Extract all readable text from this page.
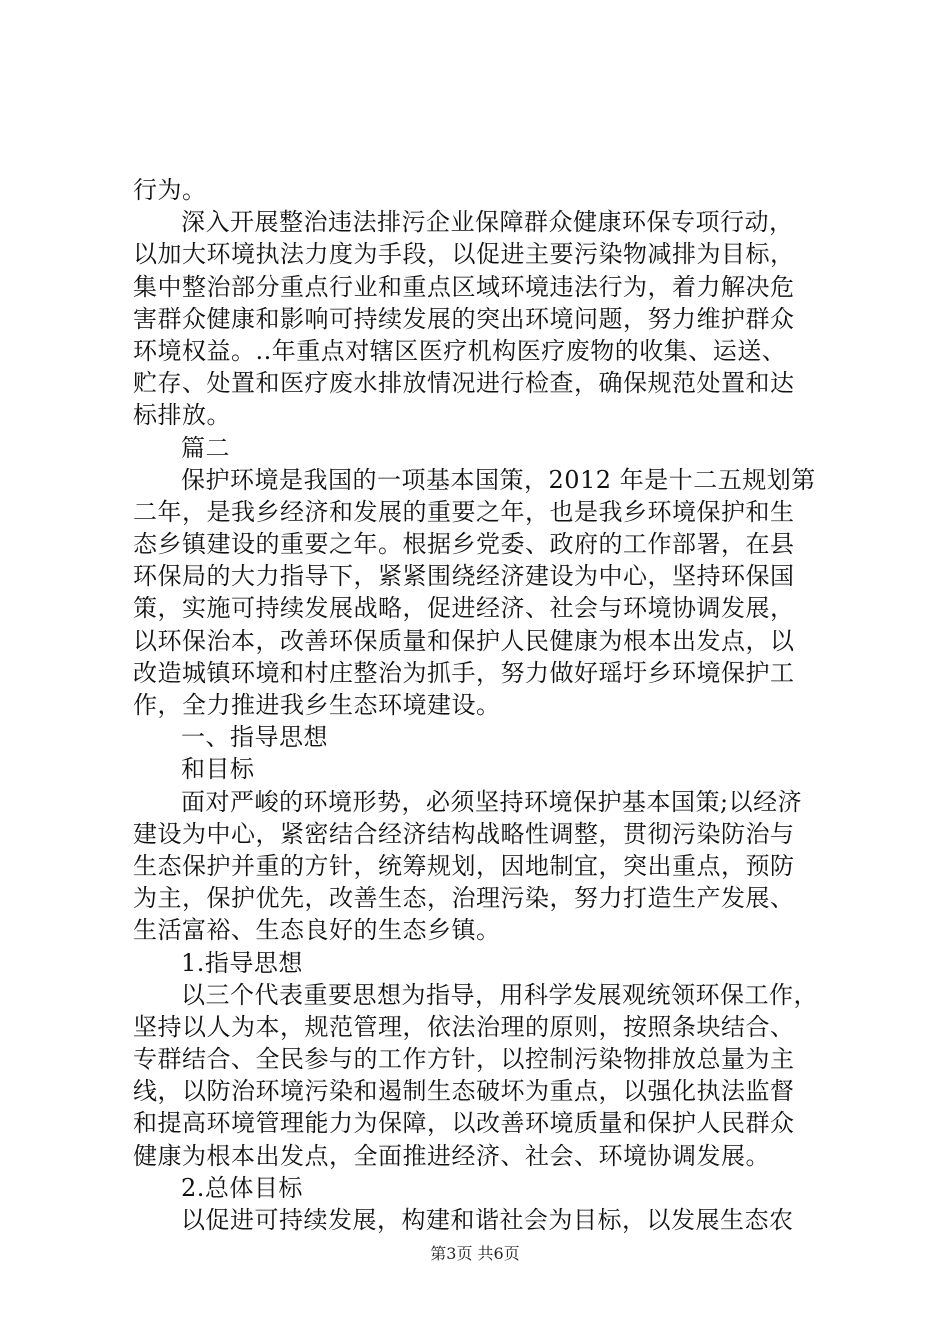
行为。
深入开展整治违法排污企业保障群众健康环保专项行动，
以加大环境执法力度为手段，以促进主要污染物减排为目标，
集中整治部分重点行业和重点区域环境违法行为，着力解决危
害群众健康和影响可持续发展的突出环境问题，努力维护群众
环境权益。..年重点对辖区医疗机构医疗废物的收集、运送、
贮存、处置和医疗废水排放情况进行检查，确保规范处置和达
标排放。
篇二
保护环境是我国的一项基本国策，2012 年是十二五规划第
二年，是我乡经济和发展的重要之年，也是我乡环境保护和生
态乡镇建设的重要之年。根据乡党委、政府的工作部署，在县
环保局的大力指导下，紧紧围绕经济建设为中心，坚持环保国
策，实施可持续发展战略，促进经济、社会与环境协调发展，
以环保治本，改善环保质量和保护人民健康为根本出发点，以
改造城镇环境和村庄整治为抓手，努力做好瑶圩乡环境保护工
作，全力推进我乡生态环境建设。
一、指导思想
和目标
面对严峻的环境形势，必须坚持环境保护基本国策;以经济
建设为中心，紧密结合经济结构战略性调整，贯彻污染防治与
生态保护并重的方针，统筹规划，因地制宜，突出重点，预防
为主，保护优先，改善生态，治理污染，努力打造生产发展、
生活富裕、生态良好的生态乡镇。
1.指导思想
以三个代表重要思想为指导，用科学发展观统领环保工作，
坚持以人为本，规范管理，依法治理的原则，按照条块结合、
专群结合、全民参与的工作方针，以控制污染物排放总量为主
线，以防治环境污染和遏制生态破坏为重点，以强化执法监督
和提高环境管理能力为保障，以改善环境质量和保护人民群众
健康为根本出发点，全面推进经济、社会、环境协调发展。
2.总体目标
以促进可持续发展，构建和谐社会为目标，以发展生态农
第3页 共6页
